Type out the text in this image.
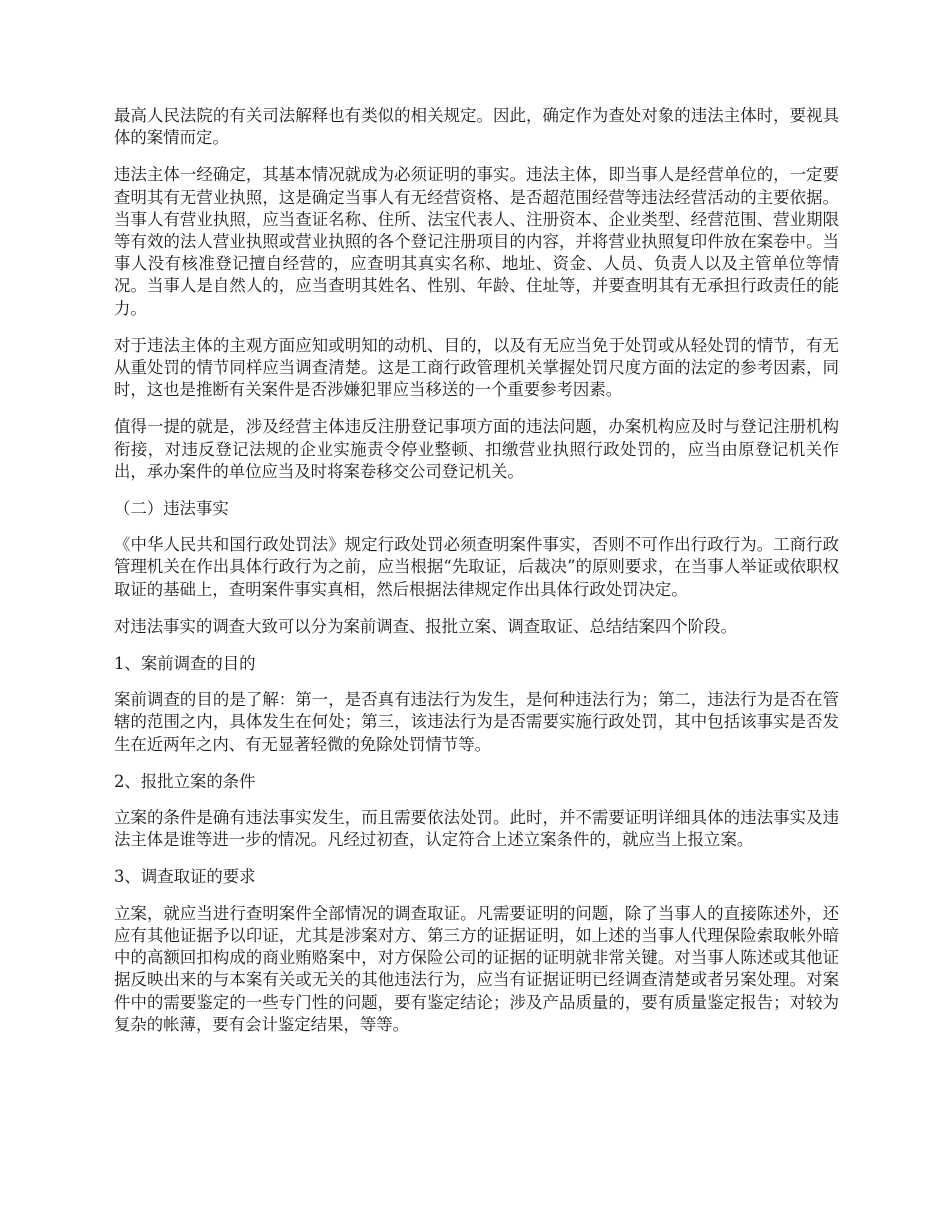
最高人民法院的有关司法解释也有类似的相关规定。因此，确定作为查处对象的违法主体时，要视具体的案情而定。

违法主体一经确定，其基本情况就成为必须证明的事实。违法主体，即当事人是经营单位的，一定要查明其有无营业执照，这是确定当事人有无经营资格、是否超范围经营等违法经营活动的主要依据。当事人有营业执照，应当查证名称、住所、法宝代表人、注册资本、企业类型、经营范围、营业期限等有效的法人营业执照或营业执照的各个登记注册项目的内容，并将营业执照复印件放在案卷中。当事人没有核准登记擅自经营的，应查明其真实名称、地址、资金、人员、负责人以及主管单位等情况。当事人是自然人的，应当查明其姓名、性别、年龄、住址等，并要查明其有无承担行政责任的能力。

对于违法主体的主观方面应知或明知的动机、目的，以及有无应当免于处罚或从轻处罚的情节，有无从重处罚的情节同样应当调查清楚。这是工商行政管理机关掌握处罚尺度方面的法定的参考因素，同时，这也是推断有关案件是否涉嫌犯罪应当移送的一个重要参考因素。

值得一提的就是，涉及经营主体违反注册登记事项方面的违法问题，办案机构应及时与登记注册机构衔接，对违反登记法规的企业实施责令停业整顿、扣缴营业执照行政处罚的，应当由原登记机关作出，承办案件的单位应当及时将案卷移交公司登记机关。

（二）违法事实

《中华人民共和国行政处罚法》规定行政处罚必须查明案件事实，否则不可作出行政行为。工商行政管理机关在作出具体行政行为之前，应当根据“先取证，后裁决”的原则要求，在当事人举证或依职权取证的基础上，查明案件事实真相，然后根据法律规定作出具体行政处罚决定。

对违法事实的调查大致可以分为案前调查、报批立案、调查取证、总结结案四个阶段。

1、案前调查的目的

案前调查的目的是了解：第一，是否真有违法行为发生，是何种违法行为；第二，违法行为是否在管辖的范围之内，具体发生在何处；第三，该违法行为是否需要实施行政处罚，其中包括该事实是否发生在近两年之内、有无显著轻微的免除处罚情节等。

2、报批立案的条件

立案的条件是确有违法事实发生，而且需要依法处罚。此时，并不需要证明详细具体的违法事实及违法主体是谁等进一步的情况。凡经过初查，认定符合上述立案条件的，就应当上报立案。

3、调查取证的要求

立案，就应当进行查明案件全部情况的调查取证。凡需要证明的问题，除了当事人的直接陈述外，还应有其他证据予以印证，尤其是涉案对方、第三方的证据证明，如上述的当事人代理保险索取帐外暗中的高额回扣构成的商业贿赂案中，对方保险公司的证据的证明就非常关键。对当事人陈述或其他证据反映出来的与本案有关或无关的其他违法行为，应当有证据证明已经调查清楚或者另案处理。对案件中的需要鉴定的一些专门性的问题，要有鉴定结论；涉及产品质量的，要有质量鉴定报告；对较为复杂的帐薄，要有会计鉴定结果，等等。
